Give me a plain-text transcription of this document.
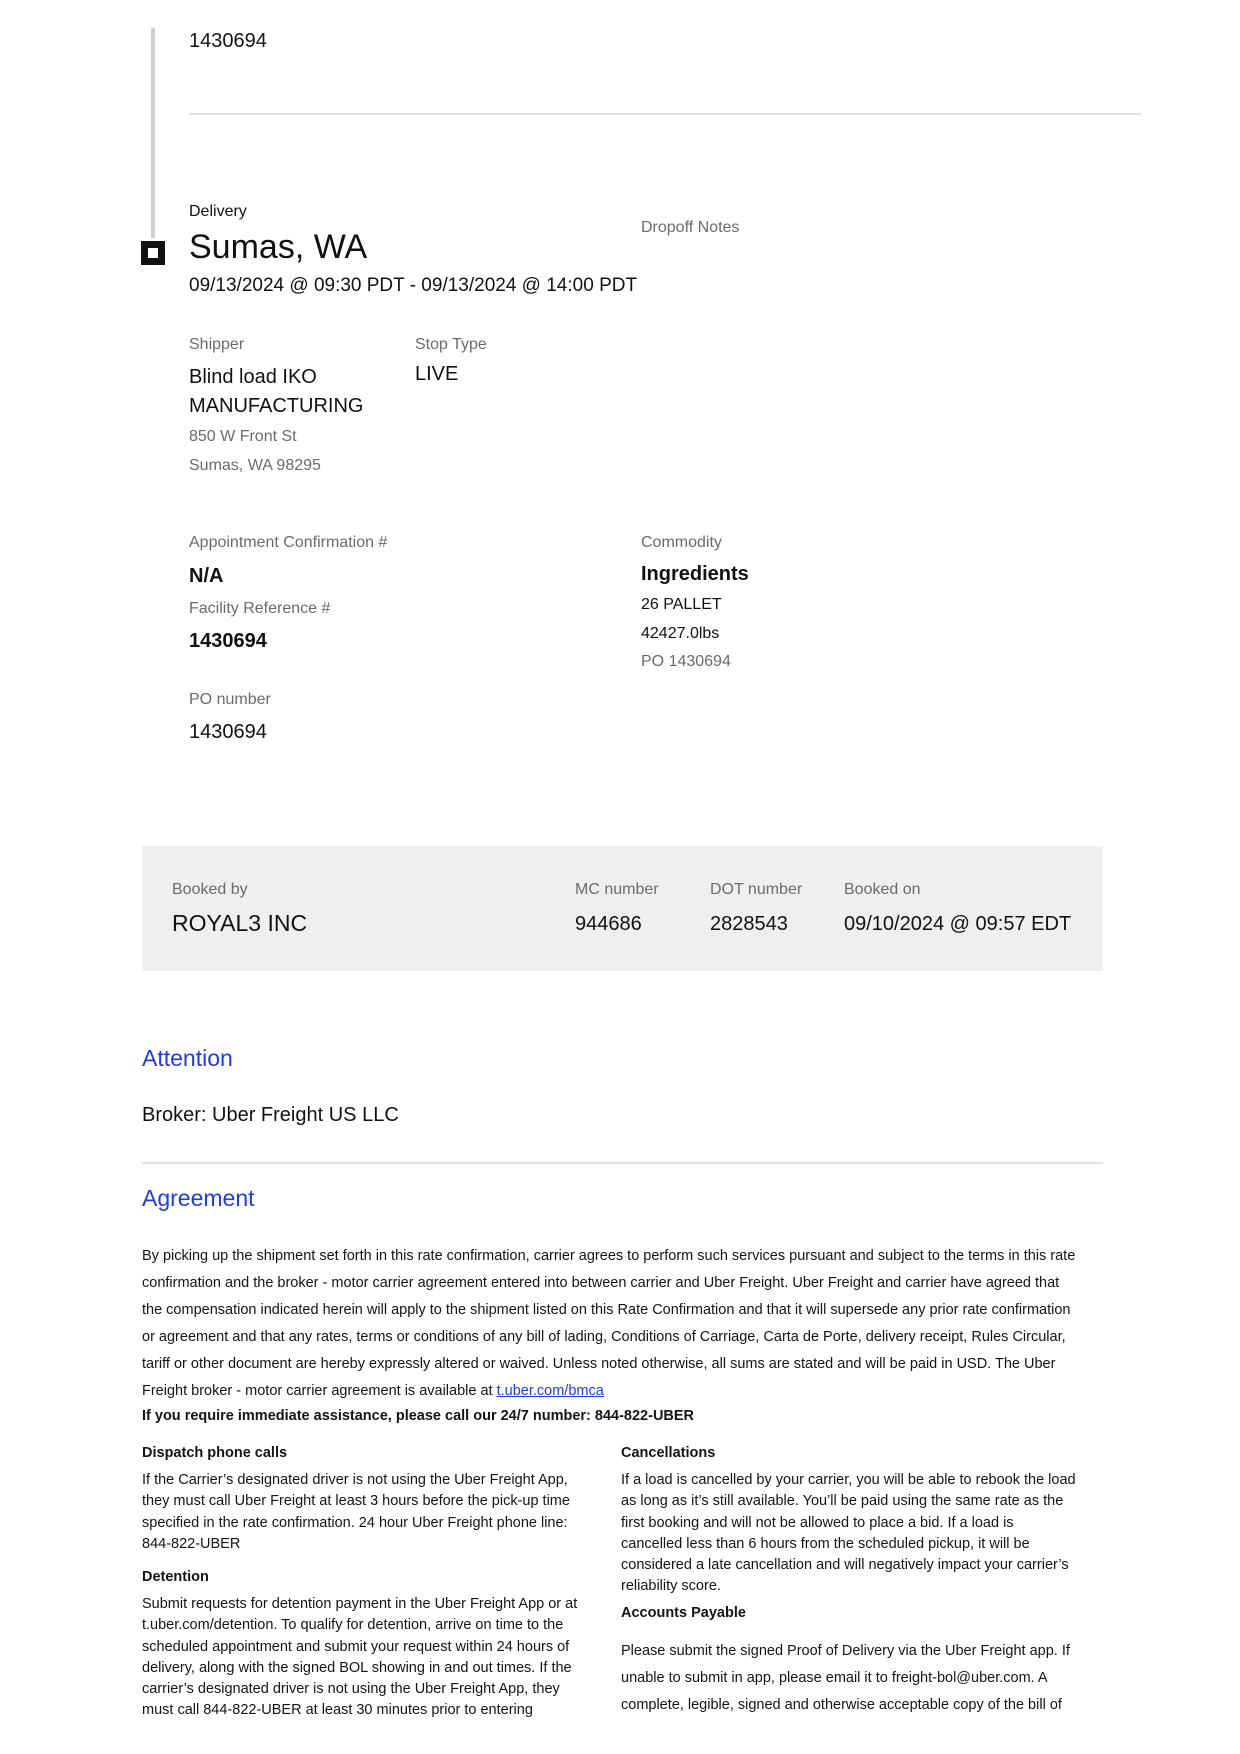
1430694
Delivery
Sumas, WA
09/13/2024 @ 09:30 PDT - 09/13/2024 @ 14:00 PDT
Dropoff Notes
Shipper
Blind load IKO
MANUFACTURING
850 W Front St
Sumas, WA 98295
Stop Type
LIVE
Appointment Confirmation #
N/A
Facility Reference #
1430694
PO number
1430694
Commodity
Ingredients
26 PALLET
42427.0lbs
PO 1430694
Booked by
ROYAL3 INC
MC number
944686
DOT number
2828543
Booked on
09/10/2024 @ 09:57 EDT
Attention
Broker: Uber Freight US LLC
Agreement
By picking up the shipment set forth in this rate confirmation, carrier agrees to perform such services pursuant and subject to the terms in this rate confirmation and the broker - motor carrier agreement entered into between carrier and Uber Freight. Uber Freight and carrier have agreed that the compensation indicated herein will apply to the shipment listed on this Rate Confirmation and that it will supersede any prior rate confirmation or agreement and that any rates, terms or conditions of any bill of lading, Conditions of Carriage, Carta de Porte, delivery receipt, Rules Circular, tariff or other document are hereby expressly altered or waived. Unless noted otherwise, all sums are stated and will be paid in USD. The Uber Freight broker - motor carrier agreement is available at t.uber.com/bmca
If you require immediate assistance, please call our 24/7 number: 844-822-UBER
Dispatch phone calls
If the Carrier’s designated driver is not using the Uber Freight App, they must call Uber Freight at least 3 hours before the pick-up time specified in the rate confirmation. 24 hour Uber Freight phone line: 844-822-UBER
Detention
Submit requests for detention payment in the Uber Freight App or at t.uber.com/detention. To qualify for detention, arrive on time to the scheduled appointment and submit your request within 24 hours of delivery, along with the signed BOL showing in and out times. If the carrier’s designated driver is not using the Uber Freight App, they must call 844-822-UBER at least 30 minutes prior to entering
Cancellations
If a load is cancelled by your carrier, you will be able to rebook the load as long as it’s still available. You’ll be paid using the same rate as the first booking and will not be allowed to place a bid. If a load is cancelled less than 6 hours from the scheduled pickup, it will be considered a late cancellation and will negatively impact your carrier’s reliability score.
Accounts Payable
Please submit the signed Proof of Delivery via the Uber Freight app. If unable to submit in app, please email it to freight-bol@uber.com. A complete, legible, signed and otherwise acceptable copy of the bill of
